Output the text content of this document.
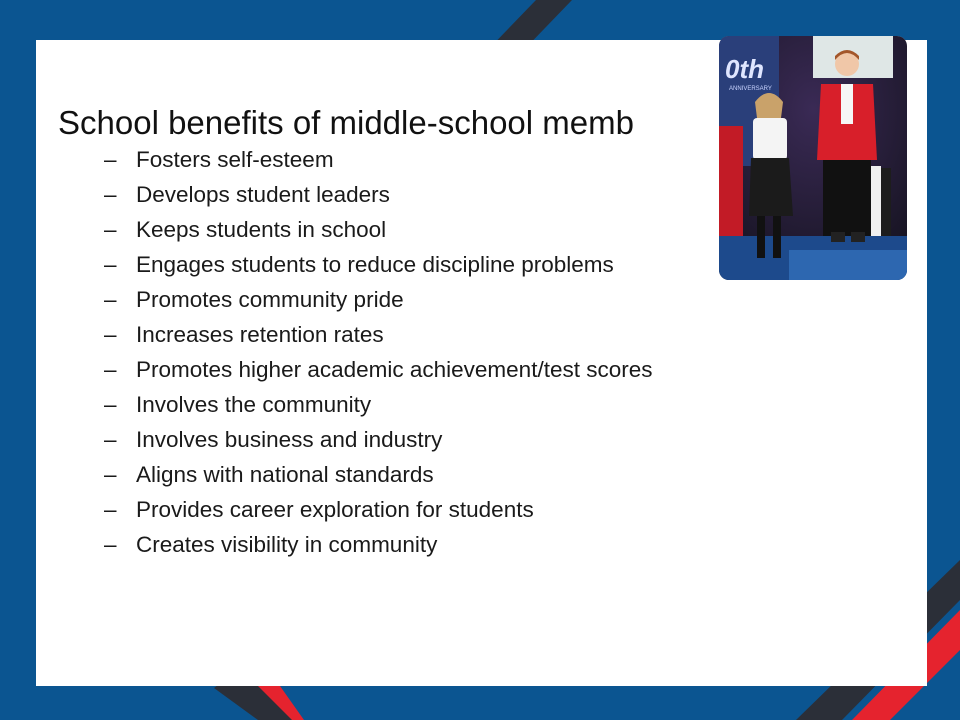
School benefits of middle-school memb
– Fosters self-esteem
– Develops student leaders
– Keeps students in school
– Engages students to reduce discipline problems
– Promotes community pride
– Increases retention rates
– Promotes higher academic achievement/test scores
– Involves the community
– Involves business and industry
– Aligns with national standards
– Provides career exploration for students
– Creates visibility in community
0th
ANNIVERSARY
